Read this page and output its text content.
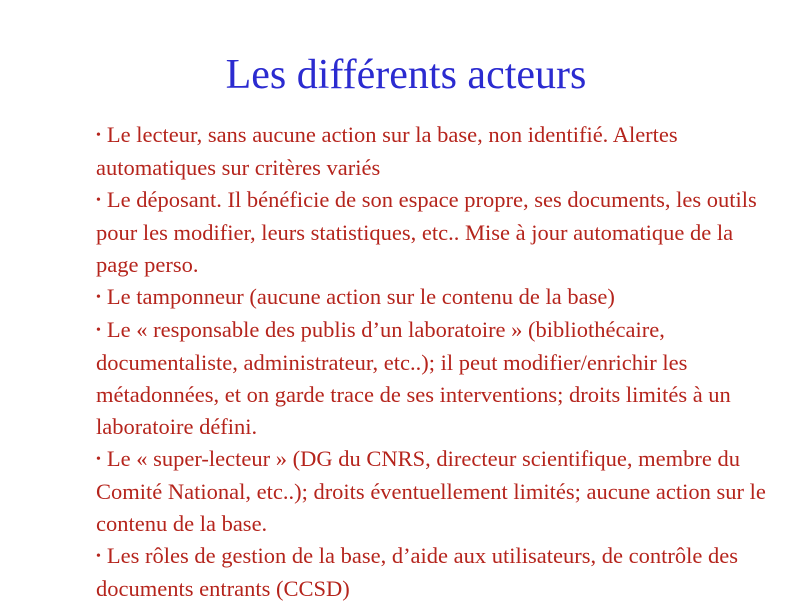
Les différents acteurs
• Le lecteur, sans aucune action sur la base, non identifié. Alertes automatiques sur critères variés
• Le déposant. Il bénéficie de son espace propre, ses documents, les outils pour les modifier, leurs statistiques, etc.. Mise à jour automatique de la page perso.
• Le tamponneur (aucune action sur le contenu de la base)
• Le « responsable des publis d’un laboratoire » (bibliothécaire, documentaliste, administrateur, etc..); il peut modifier/enrichir les métadonnées, et on garde trace de ses interventions; droits limités à un laboratoire défini.
• Le « super-lecteur » (DG du CNRS, directeur scientifique, membre du Comité National, etc..); droits éventuellement limités; aucune action sur le contenu de la base.
• Les rôles de gestion de la base, d’aide aux utilisateurs, de contrôle des documents entrants (CCSD)
